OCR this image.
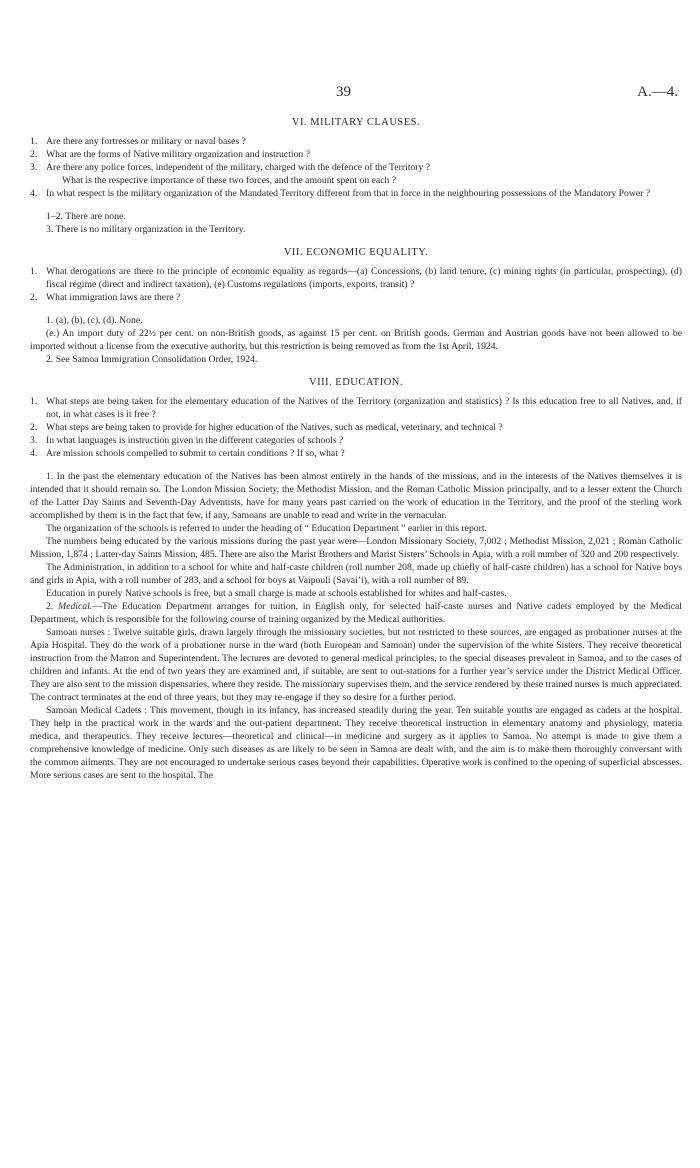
39	A.—4.
VI. MILITARY CLAUSES.

1. Are there any fortresses or military or naval bases ?

2. What are the forms of Native military organization and instruction ?

3. Are there any police forces, independent of the military, charged with the defence of the Territory ?

What is the respective importance of these two forces, and the amount spent on each ?

4. In what respect is the military organization of the Mandated Territory different from that in force in the neighbouring possessions of the Mandatory Power ?

1–2. There are none.

3. There is no military organization in the Territory.

VII. ECONOMIC EQUALITY.

1. What derogations are there to the principle of economic equality as regards—(a) Concessions, (b) land tenure, (c) mining rights (in particular, prospecting), (d) fiscal régime (direct and indirect taxation), (e) Customs regulations (imports, exports, transit) ?

2. What immigration laws are there ?

1. (a), (b), (c), (d). None.

(e.) An import duty of 22½ per cent. on non-British goods, as against 15 per cent. on British goods. German and Austrian goods have not been allowed to be imported without a license from the executive authority, but this restriction is being removed as from the 1st April, 1924.

2. See Samoa Immigration Consolidation Order, 1924.

VIII. EDUCATION.

1. What steps are being taken for the elementary education of the Natives of the Territory (organization and statistics) ? Is this education free to all Natives, and, if not, in what cases is it free ?

2. What steps are being taken to provide for higher education of the Natives, such as medical, veterinary, and technical ?

3. In what languages is instruction given in the different categories of schools ?

4. Are mission schools compelled to submit to certain conditions ? If so, what ?

1. In the past the elementary education of the Natives has been almost entirely in the hands of the missions, and in the interests of the Natives themselves it is intended that it should remain so. The London Mission Society, the Methodist Mission, and the Roman Catholic Mission principally, and to a lesser extent the Church of the Latter Day Saints and Seventh-Day Adventists, have for many years past carried on the work of education in the Territory, and the proof of the sterling work accomplished by them is in the fact that few, if any, Samoans are unable to read and write in the vernacular.

The organization of the schools is referred to under the heading of “ Education Department ” earlier in this report.

The numbers being educated by the various missions during the past year were—London Missionary Society, 7,002 ; Methodist Mission, 2,021 ; Roman Catholic Mission, 1,874 ; Latter-day Saints Mission, 485. There are also the Marist Brothers and Marist Sisters’ Schools in Apia, with a roll number of 320 and 200 respectively.

The Administration, in addition to a school for white and half-caste children (roll number 208, made up chiefly of half-caste children) has a school for Native boys and girls in Apia, with a roll number of 283, and a school for boys at Vaipouli (Savai’i), with a roll number of 89.

Education in purely Native schools is free, but a small charge is made at schools established for whites and half-castes.

2. Medical.—The Education Department arranges for tuition, in English only, for selected half-caste nurses and Native cadets employed by the Medical Department, which is responsible for the following course of training organized by the Medical authorities.

Samoan nurses : Twelve suitable girls, drawn largely through the missionary societies, but not restricted to these sources, are engaged as probationer nurses at the Apia Hospital. They do the work of a probationer nurse in the ward (both European and Samoan) under the supervision of the white Sisters. They receive theoretical instruction from the Matron and Superintendent. The lectures are devoted to general medical principles, to the special diseases prevalent in Samoa, and to the cases of children and infants. At the end of two years they are examined and, if suitable, are sent to out-stations for a further year’s service under the District Medical Officer. They are also sent to the mission dispensaries, where they reside. The missionary supervises them, and the service rendered by these trained nurses is much appreciated. The contract terminates at the end of three years, but they may re-engage if they so desire for a further period.

Samoan Medical Cadets : This movement, though in its infancy, has increased steadily during the year. Ten suitable youths are engaged as cadets at the hospital. They help in the practical work in the wards and the out-patient department. They receive theoretical instruction in elementary anatomy and physiology, materia medica, and therapeutics. They receive lectures—theoretical and clinical—in medicine and surgery as it applies to Samoa. No attempt is made to give them a comprehensive knowledge of medicine. Only such diseases as are likely to be seen in Samoa are dealt with, and the aim is to make them thoroughly conversant with the common ailments. They are not encouraged to undertake serious cases beyond their capabilities. Operative work is confined to the opening of superficial abscesses. More serious cases are sent to the hospital. The
